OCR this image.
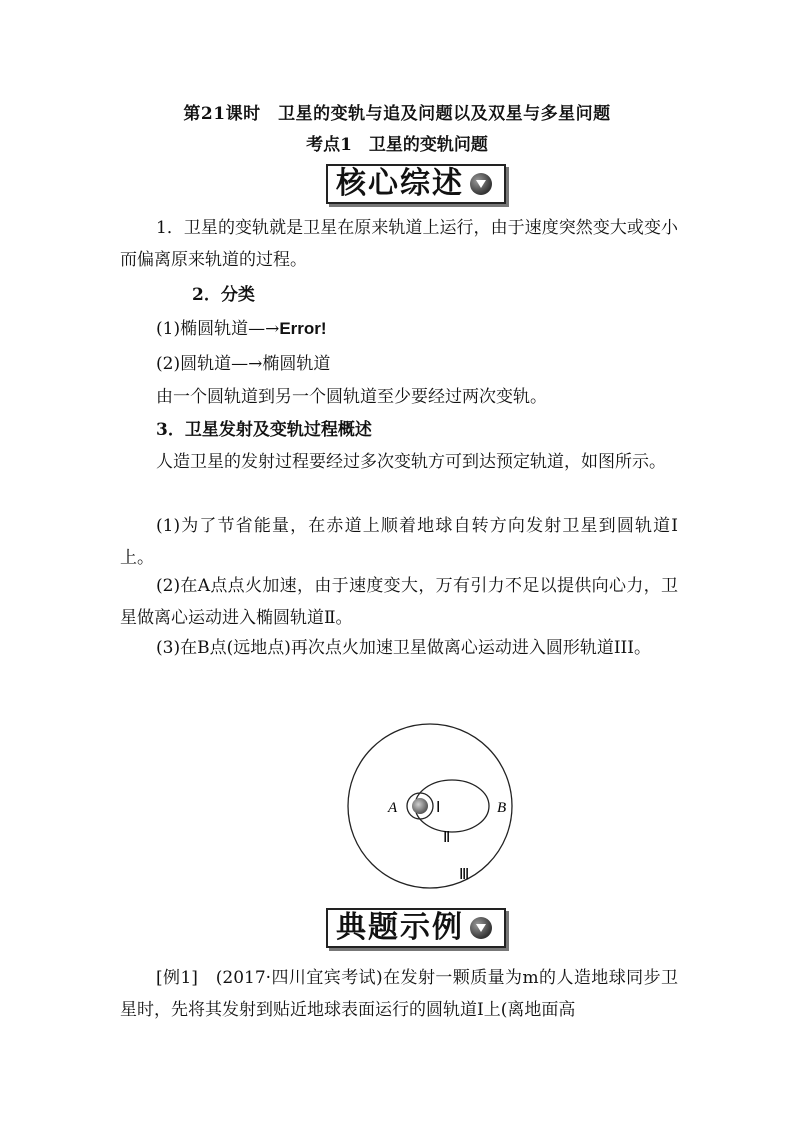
第21课时　卫星的变轨与追及问题以及双星与多星问题
考点1　卫星的变轨问题
核心综述
1．卫星的变轨就是卫星在原来轨道上运行，由于速度突然变大或变小而偏离原来轨道的过程。
2．分类
(1)椭圆轨道—→Error!
(2)圆轨道—→椭圆轨道
由一个圆轨道到另一个圆轨道至少要经过两次变轨。
3．卫星发射及变轨过程概述
人造卫星的发射过程要经过多次变轨方可到达预定轨道，如图所示。
(1)为了节省能量，在赤道上顺着地球自转方向发射卫星到圆轨道Ⅰ上。
(2)在A点点火加速，由于速度变大，万有引力不足以提供向心力，卫星做离心运动进入椭圆轨道Ⅱ。
(3)在B点(远地点)再次点火加速卫星做离心运动进入圆形轨道III。
A	B
Ⅰ
Ⅱ
Ⅲ
典题示例
[例1]　(2017·四川宜宾考试)在发射一颗质量为m的人造地球同步卫星时，先将其发射到贴近地球表面运行的圆轨道Ⅰ上(离地面高
